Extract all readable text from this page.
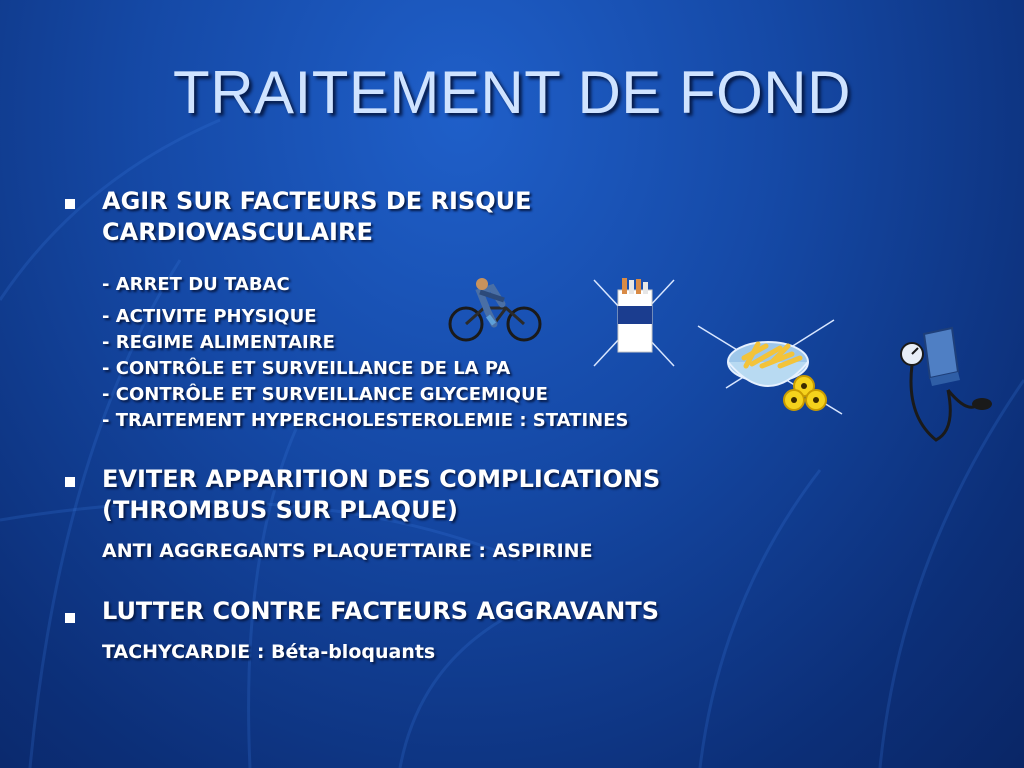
TRAITEMENT DE FOND
AGIR SUR FACTEURS DE RISQUE
CARDIOVASCULAIRE
- ARRET DU TABAC
- ACTIVITE PHYSIQUE
- REGIME ALIMENTAIRE
- CONTRÔLE ET SURVEILLANCE DE LA PA
- CONTRÔLE ET SURVEILLANCE GLYCEMIQUE
- TRAITEMENT HYPERCHOLESTEROLEMIE : STATINES
EVITER APPARITION DES COMPLICATIONS
(THROMBUS SUR PLAQUE)
ANTI AGGREGANTS PLAQUETTAIRE : ASPIRINE
LUTTER CONTRE FACTEURS AGGRAVANTS
TACHYCARDIE : Béta-bloquants
